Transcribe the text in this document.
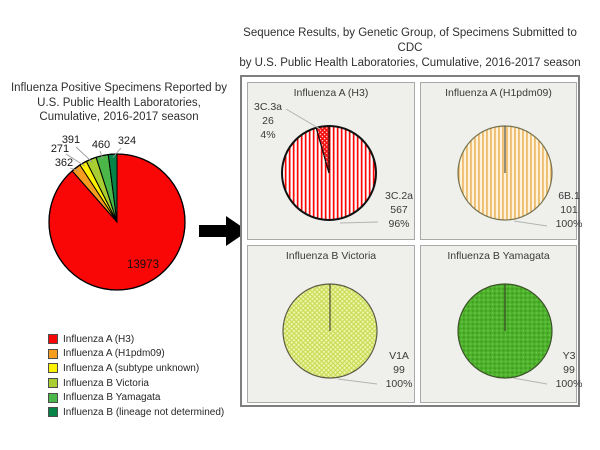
Influenza Positive Specimens Reported by
U.S. Public Health Laboratories,
Cumulative, 2016-2017 season
271
391	460 324
362
13973
Influenza A (H3)
Influenza A (H1pdm09)
Influenza A (subtype unknown)
Influenza B Victoria
Influenza B Yamagata
Influenza B (lineage not determined)
Sequence Results, by Genetic Group, of Specimens Submitted to CDC
by U.S. Public Health Laboratories, Cumulative, 2016-2017 season
Influenza A (H3)
3C.3a
26
4%
3C.2a
567
96%
Influenza A (H1pdm09)
6B.1
101
100%
Influenza B Victoria
V1A
99
100%
Influenza B Yamagata
Y3
99
100%
